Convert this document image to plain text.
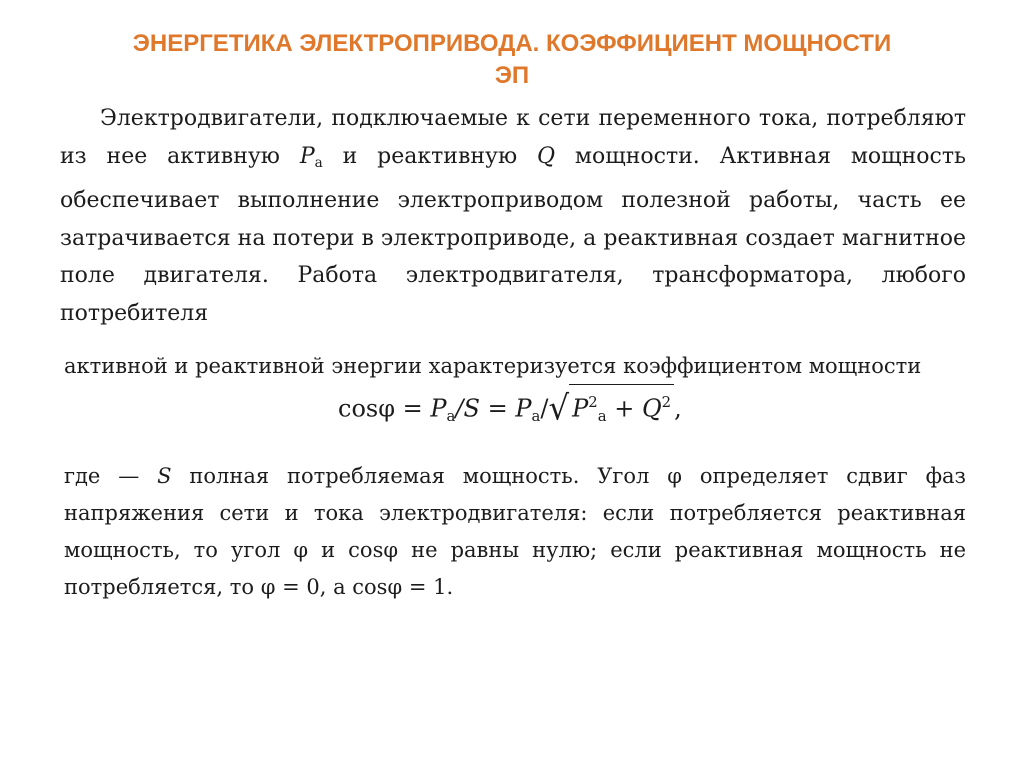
ЭНЕРГЕТИКА ЭЛЕКТРОПРИВОДА. КОЭФФИЦИЕНТ МОЩНОСТИ
ЭП

Электродвигатели, подключаемые к сети переменного тока, потребляют из нее активную $P_а$ и реактивную Q мощности. Активная мощность обеспечивает выполнение электроприводом полезной работы, часть ее затрачивается на потери в электроприводе, а реактивная создает магнитное поле двигателя. Работа электродвигателя, трансформатора, любого потребителя

активной и реактивной энергии характеризуется коэффициентом мощности

$\cos\varphi = P_а/S = P_а/√$ $P^2_а + Q^2$ ,

где — S полная потребляемая мощность. Угол φ определяет сдвиг фаз напряжения сети и тока электродвигателя: если потребляется реактивная мощность, то угол φ и cosφ не равны нулю; если реактивная мощность не потребляется, то φ = 0, а cosφ = 1.
